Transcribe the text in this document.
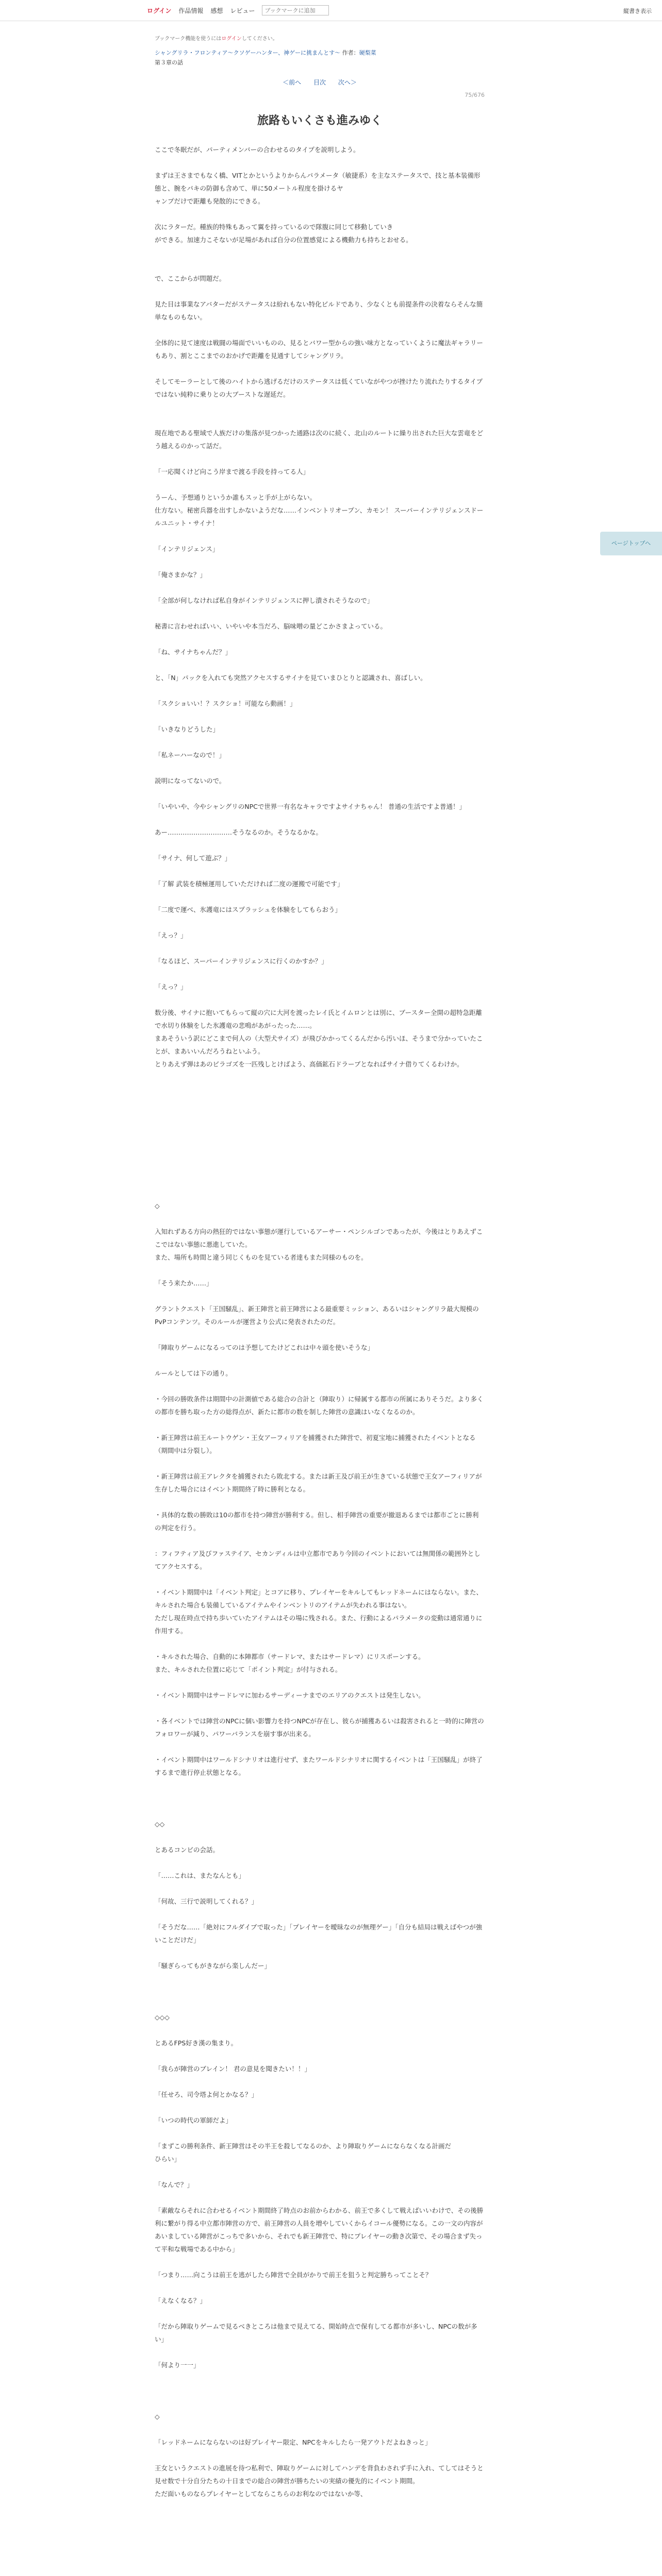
ログイン 作品情報 感想 レビュー
ブックマークに追加	縦書き表示
ブックマーク機能を使うにはログインしてください。
シャングリラ・フロンティア〜クソゲーハンター、神ゲーに挑まんとす〜 作者：硬梨菜
第３章の話
＜前へ 目次 次へ＞
75/676
旅路もいくさも進みゆく

ここで冬眠だが、パーティメンバーの合わせるのタイプを説明しよう。

まずは王さまでもなく橋、VITとかというよりからんパラメータ（敏捷系）を主なステータスで、技と基本装備形態と、腕をパキの防御も含めて、単に50メートル程度を掛けるヤ

ャンプだけで距離も発散的にできる。

次にラターだ。種族的特殊もあって翼を持っているので隊腹に同じて移動していき

ができる。加速力こそないが足場があれば自分の位置感覚による機動力も持ちとおせる。

で、ここからが問題だ。

見た目は事業なアバターだがステータスは紛れもない特化ビルドであり、少なくとも前提条件の決着ならそんな簡単なものもない。

全体的に見て速度は戦闘の場面でいいものの、見るとバワー型からの強い味方となっていくように魔法ギャラリーもあり、割とここまでのおかげで距離を見通すしてシャングリラ。

そしてモーラーとして後のハイトから逃げるだけのステータスは低くていながやつが挫けたり流れたりするタイプではない純粋に乗りとの大ブーストな遅延だ。

現在地である聖域で人族だけの集落が見つかった通路は次のに続く、北山のルートに繰り出された巨大な雲竜をどう越えるのかって話だ。

「一応聞くけど向こう岸まで渡る手段を持ってる人」

うーん、予想通りというか誰もスッと手が上がらない。

仕方ない。秘密兵器を出すしかないようだな……インベントリオープン、カモン！ スーパーインテリジェンスドールユニット・サイナ！

「インテリジェンス」

「俺さまかな？」

「全部が何しなければ私自身がインテリジェンスに押し潰されそうなので」

秘書に言わせればいい、いやいや本当だろ、脳味噌の量どこかさまよっている。

「ね、サイナちゃんだ？」

と、「N」パックを入れても突然アクセスするサイナを見ていまひとりと認識され、喜ばしい。

「スクショいい！？スクショ！可能なら動画！」

「いきなりどうした」

「私ネーハーなので！」

説明になってないので。

「いやいや、今やシャングリのNPCで世界一有名なキャラですよサイナちゃん！ 普通の生活ですよ普通！」

あー…………………………そうなるのか。そうなるかな。

「サイナ、何して遊ぶ？」

「了解 武装を積極運用していただければ二度の運搬で可能です」

「二度で運べ、氷護竜にはスプラッシュを体験をしてもらおう」

「えっ？」

「なるほど、スーパーインテリジェンスに行くのかすか？」

「えっ？」

数分後、サイナに抱いてもらって縦の穴に大河を渡ったレイ氏とイムロンとは別に、ブースター全開の超特急距離で水切り体験をした氷護竜の悲鳴があがったった……。

まあそういう訳にどこまで何人の（大型犬サイズ）が飛びかかってくるんだから汚いほ、そうまで分かっていたことが、まあいいんだろうねといふう。

とりあえず弾はあのビラゴズを一匹残しとけばよう、高価鉱石ドラーブとなればサイナ借りてくるわけか。

◇

入知れずある方向の熱狂的ではない事態が運行しているアーサー・ペンシルゴンであったが、今後はとりあえずここではない事態に悪進していた。

また、場所も時間と違う同じくものを見ている者達もまた同様のものを。

「そう来たか……」

グラントクエスト「王国騒乱」、新王陣営と前王陣営による最重要ミッション、あるいはシャングリラ最大規模のPvPコンテンツ。そのルールが運営より公式に発表されたのだ。

「陣取りゲームになるってのは予想してたけどこれは中々頭を使いそうな」

ルールとしては下の通り。

・今回の勝敗条件は期間中の計測値である総合の合計と（陣取り）に帰属する都市の所属にありそうだ。より多くの都市を勝ち取った方の総得点が、新たに都市の数を制した陣営の意識はいなくなるのか。

・新王陣営は前王ルートウゲン・王女アーフィリアを捕獲された陣営で、初夏宝地に捕獲されたイベントとなる（期間中は分裂し）。

・新王陣営は前王アレクタを捕獲されたら敗北する。または新王及び前王が生きている状態で王女アーフィリアが生存した場合にはイベント期間終了時に勝利となる。

・具体的な数の勝敗は10の都市を持つ陣営が勝利する。但し、相手陣営の重要が撤退あるまでは都市ごとに勝利の判定を行う。

：フィフティア及びファステイア、セカンディルは中立都市であり今回のイベントにおいては無関係の範囲外としてアクセスする。

・イベント期間中は「イベント判定」とコアに移り、プレイヤーをキルしてもレッドネームにはならない。また、キルされた場合も装備しているアイテムやインベントリのアイテムが失われる事はない。

ただし現在時点で持ち歩いていたアイテムはその場に残される。また、行動によるパラメータの変動は通常通りに作用する。

・キルされた場合、自動的に本陣都市（サードレマ、またはサードレマ）にリスポーンする。

また、キルされた位置に応じて「ポイント判定」が付与される。

・イベント期間中はサードレマに加わるサーディーナまでのエリアのクエストは発生しない。

・各イベントでは陣営のNPCに個い影響力を持つNPCが存在し、彼らが捕獲あるいは殺害されると一時的に陣営のフォロワーが減り、パワーバランスを崩す事が出来る。

・イベント期間中はワールドシナリオは進行せず、またワールドシナリオに関するイベントは「王国騒乱」が終了するまで進行停止状態となる。

◇◇

とあるコンビの会話。

「……これは、またなんとも」

「何故、三行で説明してくれる？」

「そうだな……「絶対にフルダイブで取った」「プレイヤーを曖昧なのが無理ゲー」「自分も結局は戦えばやつが強いことだけだ」

「騒ぎらってもがきながら楽しんだー」

◇◇◇

とあるFPS好き漢の集まり。

「我らが陣営のブレイン！ 君の意見を聞きたい！！」

「任せろ、司令塔よ何とかなる？」

「いつの時代の軍師だよ」

「まずこの勝利条件、新王陣営はその半王を殺してなるのか、より陣取りゲームにならなくなる計画だ

ひらい」

「なんで？」

「素敵ならそれに合わせるイベント期間終了時点のお前からわかる、前王で多くして戦えばいいわけで、その後勝利に繋がり得る中立都市陣営の方で、前王陣営の人員を増やしていくからイコール優勢になる。この一文の内容があいましている陣営がこっちで多いから、それでも新王陣営で、特にプレイヤーの動き次第で、その場合まず失って平和な戦場である中から」

「つまり……向こうは前王を逃がしたら陣営で全員がかりで前王を狙うと判定勝ちってことそ？

「えなくなる？」

「だから陣取りゲームで見るべきところは他まで見えてる、開始時点で保有してる都市が多いし、NPCの数が多い」

「何より一一」

◇

「レッドネームにならないのは好プレイヤー限定、NPCをキルしたら一発アウトだよねきっと」

王女というクエストの進展を待つ私利で、陣取りゲームに対してハンデを背負わされず手に入れ、てしてはそうと見せ数で十分自分たちの十日までの総合の陣営が勝ちたいの実績の優先的にイベント期間。

ただ面いものならプレイヤーとしてならこちらのお利なのではないか等、

ページトップへ
